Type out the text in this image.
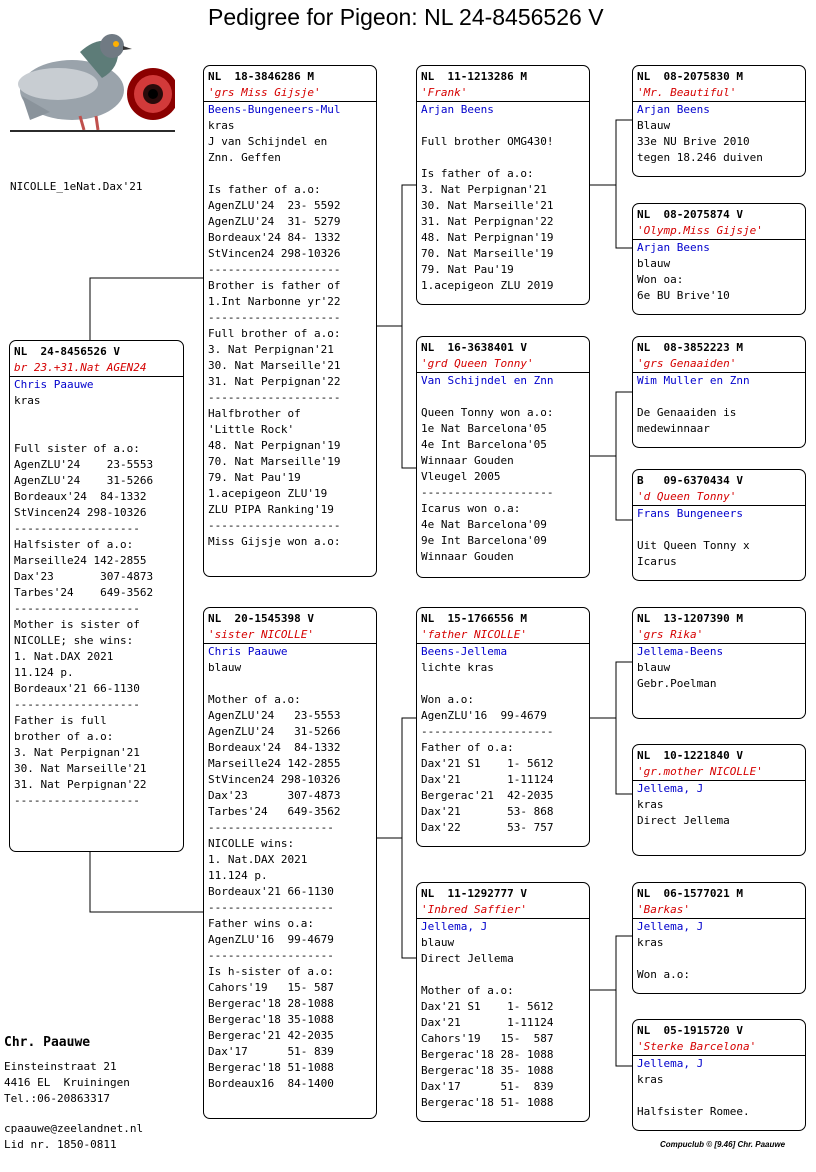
Pedigree for Pigeon: NL 24-8456526 V
NICOLLE_1eNat.Dax'21
NL  24-8456526 V
br 23.+31.Nat AGEN24
Chris Paauwe
kras
Full sister of a.o:
AgenZLU'24    23-5553
AgenZLU'24    31-5266
Bordeaux'24  84-1332
StVincen24 298-10326
-------------------
Halfsister of a.o:
Marseille24 142-2855
Dax'23       307-4873
Tarbes'24    649-3562
-------------------
Mother is sister of
NICOLLE; she wins:
1. Nat.DAX 2021
11.124 p.
Bordeaux'21 66-1130
-------------------
Father is full
brother of a.o:
3. Nat Perpignan'21
30. Nat Marseille'21
31. Nat Perpignan'22
-------------------
NL  18-3846286 M
'grs Miss Gijsje'
Beens-Bungeneers-Mul
kras
J van Schijndel en
Znn. Geffen
Is father of a.o:
AgenZLU'24  23- 5592
AgenZLU'24  31- 5279
Bordeaux'24 84- 1332
StVincen24 298-10326
--------------------
Brother is father of
1.Int Narbonne yr'22
--------------------
Full brother of a.o:
3. Nat Perpignan'21
30. Nat Marseille'21
31. Nat Perpignan'22
--------------------
Halfbrother of
'Little Rock'
48. Nat Perpignan'19
70. Nat Marseille'19
79. Nat Pau'19
1.acepigeon ZLU'19
ZLU PIPA Ranking'19
--------------------
Miss Gijsje won a.o:
NL  20-1545398 V
'sister NICOLLE'
Chris Paauwe
blauw
Mother of a.o:
AgenZLU'24   23-5553
AgenZLU'24   31-5266
Bordeaux'24  84-1332
Marseille24 142-2855
StVincen24 298-10326
Dax'23      307-4873
Tarbes'24   649-3562
-------------------
NICOLLE wins:
1. Nat.DAX 2021
11.124 p.
Bordeaux'21 66-1130
-------------------
Father wins o.a:
AgenZLU'16  99-4679
-------------------
Is h-sister of a.o:
Cahors'19   15- 587
Bergerac'18 28-1088
Bergerac'18 35-1088
Bergerac'21 42-2035
Dax'17      51- 839
Bergerac'18 51-1088
Bordeaux16  84-1400
NL  11-1213286 M
'Frank'
Arjan Beens
Full brother OMG430!
Is father of a.o:
3. Nat Perpignan'21
30. Nat Marseille'21
31. Nat Perpignan'22
48. Nat Perpignan'19
70. Nat Marseille'19
79. Nat Pau'19
1.acepigeon ZLU 2019
NL  16-3638401 V
'grd Queen Tonny'
Van Schijndel en Znn
Queen Tonny won a.o:
1e Nat Barcelona'05
4e Int Barcelona'05
Winnaar Gouden
Vleugel 2005
--------------------
Icarus won o.a:
4e Nat Barcelona'09
9e Int Barcelona'09
Winnaar Gouden
NL  15-1766556 M
'father NICOLLE'
Beens-Jellema
lichte kras
Won a.o:
AgenZLU'16  99-4679
--------------------
Father of o.a:
Dax'21 S1    1- 5612
Dax'21       1-11124
Bergerac'21  42-2035
Dax'21       53- 868
Dax'22       53- 757
NL  11-1292777 V
'Inbred Saffier'
Jellema, J
blauw
Direct Jellema
Mother of a.o:
Dax'21 S1    1- 5612
Dax'21       1-11124
Cahors'19   15-  587
Bergerac'18 28- 1088
Bergerac'18 35- 1088
Dax'17      51-  839
Bergerac'18 51- 1088
NL  08-2075830 M
'Mr. Beautiful'
Arjan Beens
Blauw
33e NU Brive 2010
tegen 18.246 duiven
NL  08-2075874 V
'Olymp.Miss Gijsje'
Arjan Beens
blauw
Won oa:
6e BU Brive'10
NL  08-3852223 M
'grs Genaaiden'
Wim Muller en Znn
De Genaaiden is
medewinnaar
B   09-6370434 V
'd Queen Tonny'
Frans Bungeneers
Uit Queen Tonny x
Icarus
NL  13-1207390 M
'grs Rika'
Jellema-Beens
blauw
Gebr.Poelman
NL  10-1221840 V
'gr.mother NICOLLE'
Jellema, J
kras
Direct Jellema
NL  06-1577021 M
'Barkas'
Jellema, J
kras
Won a.o:
NL  05-1915720 V
'Sterke Barcelona'
Jellema, J
kras
Halfsister Romee.
Chr. Paauwe
Einsteinstraat 21
4416 EL  Kruiningen
Tel.:06-20863317
cpaauwe@zeelandnet.nl
Lid nr. 1850-0811	Compuclub © [9.46] Chr. Paauwe
